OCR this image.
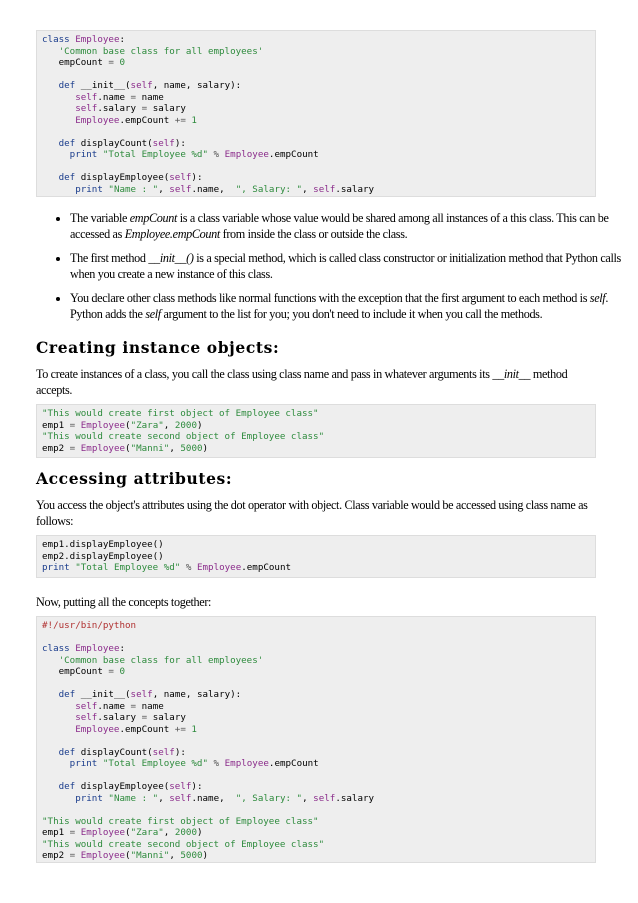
class Employee:
'Common base class for all employees'
empCount = 0

def __init__(self, name, salary):
self.name = name
self.salary = salary
Employee.empCount += 1

def displayCount(self):
print "Total Employee %d" % Employee.empCount

def displayEmployee(self):
print "Name : ", self.name,  ", Salary: ", self.salary
• The variable empCount is a class variable whose value would be shared among all instances of a this class. This can be accessed as Employee.empCount from inside the class or outside the class.
• The first method __init__() is a special method, which is called class constructor or initialization method that Python calls when you create a new instance of this class.
• You declare other class methods like normal functions with the exception that the first argument to each method is self. Python adds the self argument to the list for you; you don't need to include it when you call the methods.
Creating instance objects:

To create instances of a class, you call the class using class name and pass in whatever arguments its __init__ method accepts.

"This would create first object of Employee class"
emp1 = Employee("Zara", 2000)
"This would create second object of Employee class"
emp2 = Employee("Manni", 5000)
Accessing attributes:

You access the object's attributes using the dot operator with object. Class variable would be accessed using class name as follows:

emp1.displayEmployee()
emp2.displayEmployee()
print "Total Employee %d" % Employee.empCount

Now, putting all the concepts together:

#!/usr/bin/python

class Employee:
'Common base class for all employees'
empCount = 0

def __init__(self, name, salary):
self.name = name
self.salary = salary
Employee.empCount += 1

def displayCount(self):
print "Total Employee %d" % Employee.empCount

def displayEmployee(self):
print "Name : ", self.name,  ", Salary: ", self.salary

"This would create first object of Employee class"
emp1 = Employee("Zara", 2000)
"This would create second object of Employee class"
emp2 = Employee("Manni", 5000)
